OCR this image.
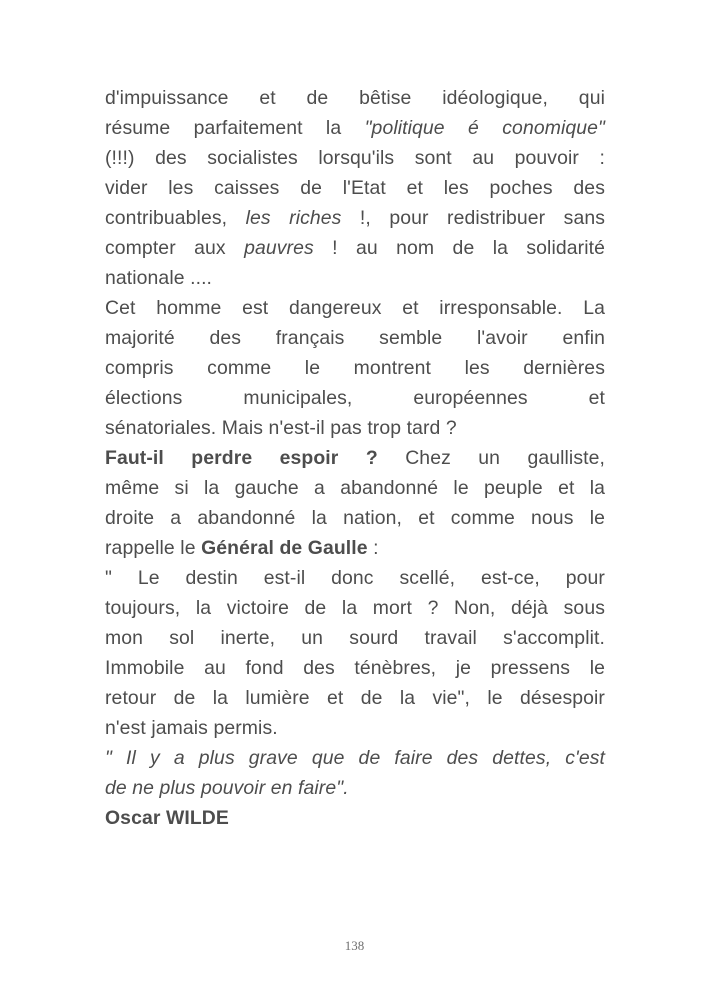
d'impuissance et de bêtise idéologique, qui
résume parfaitement la "politique é conomique"
(!!!) des socialistes lorsqu'ils sont au pouvoir :
vider les caisses de l'Etat et les poches des
contribuables, les riches !, pour redistribuer sans
compter aux pauvres ! au nom de la solidarité
nationale ....
Cet homme est dangereux et irresponsable. La
majorité des français semble l'avoir enfin
compris comme le montrent les dernières
élections municipales, européennes et
sénatoriales. Mais n'est-il pas trop tard ?
Faut-il perdre espoir ? Chez un gaulliste,
même si la gauche a abandonné le peuple et la
droite a abandonné la nation, et comme nous le
rappelle le Général de Gaulle :
" Le destin est-il donc scellé, est-ce, pour
toujours, la victoire de la mort ? Non, déjà sous
mon sol inerte, un sourd travail s'accomplit.
Immobile au fond des ténèbres, je pressens le
retour de la lumière et de la vie", le désespoir
n'est jamais permis.
" Il y a plus grave que de faire des dettes, c'est
de ne plus pouvoir en faire".
Oscar WILDE
138
